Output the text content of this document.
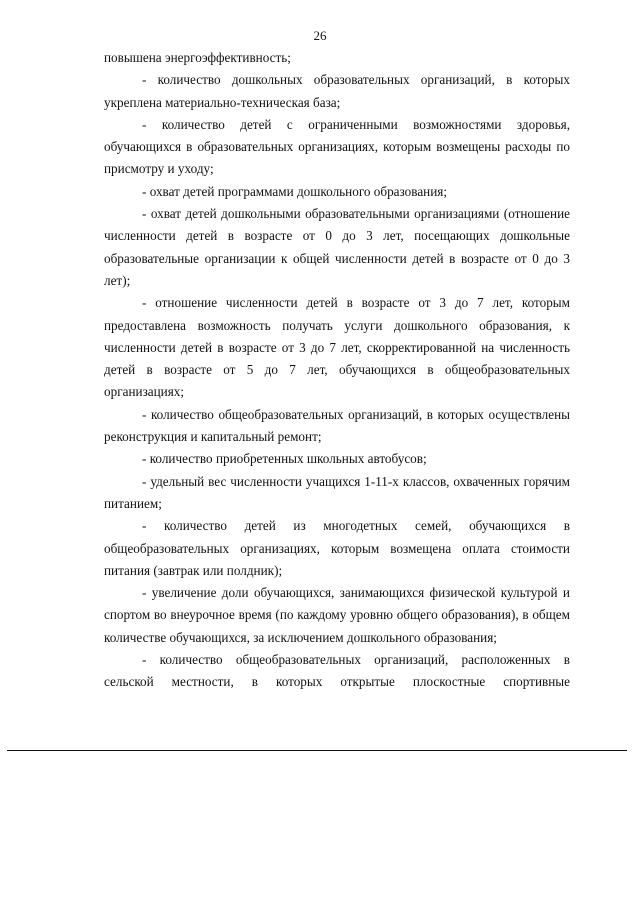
26

повышена энергоэффективность;

- количество дошкольных образовательных организаций, в которых укреплена материально-техническая база;

- количество детей с ограниченными возможностями здоровья, обучающихся в образовательных организациях, которым возмещены расходы по присмотру и уходу;

- охват детей программами дошкольного образования;

- охват детей дошкольными образовательными организациями (отношение численности детей в возрасте от 0 до 3 лет, посещающих дошкольные образовательные организации к общей численности детей в возрасте от 0 до 3 лет);

- отношение численности детей в возрасте от 3 до 7 лет, которым предоставлена возможность получать услуги дошкольного образования, к численности детей в возрасте от 3 до 7 лет, скорректированной на численность детей в возрасте от 5 до 7 лет, обучающихся в общеобразовательных организациях;

- количество общеобразовательных организаций, в которых осуществлены реконструкция и капитальный ремонт;

- количество приобретенных школьных автобусов;

- удельный вес численности учащихся 1-11-х классов, охваченных горячим питанием;

- количество детей из многодетных семей, обучающихся в общеобразовательных организациях, которым возмещена оплата стоимости питания (завтрак или полдник);

- увеличение доли обучающихся, занимающихся физической культурой и спортом во внеурочное время (по каждому уровню общего образования), в общем количестве обучающихся, за исключением дошкольного образования;

- количество общеобразовательных организаций, расположенных в сельской местности, в которых открытые плоскостные спортивные
